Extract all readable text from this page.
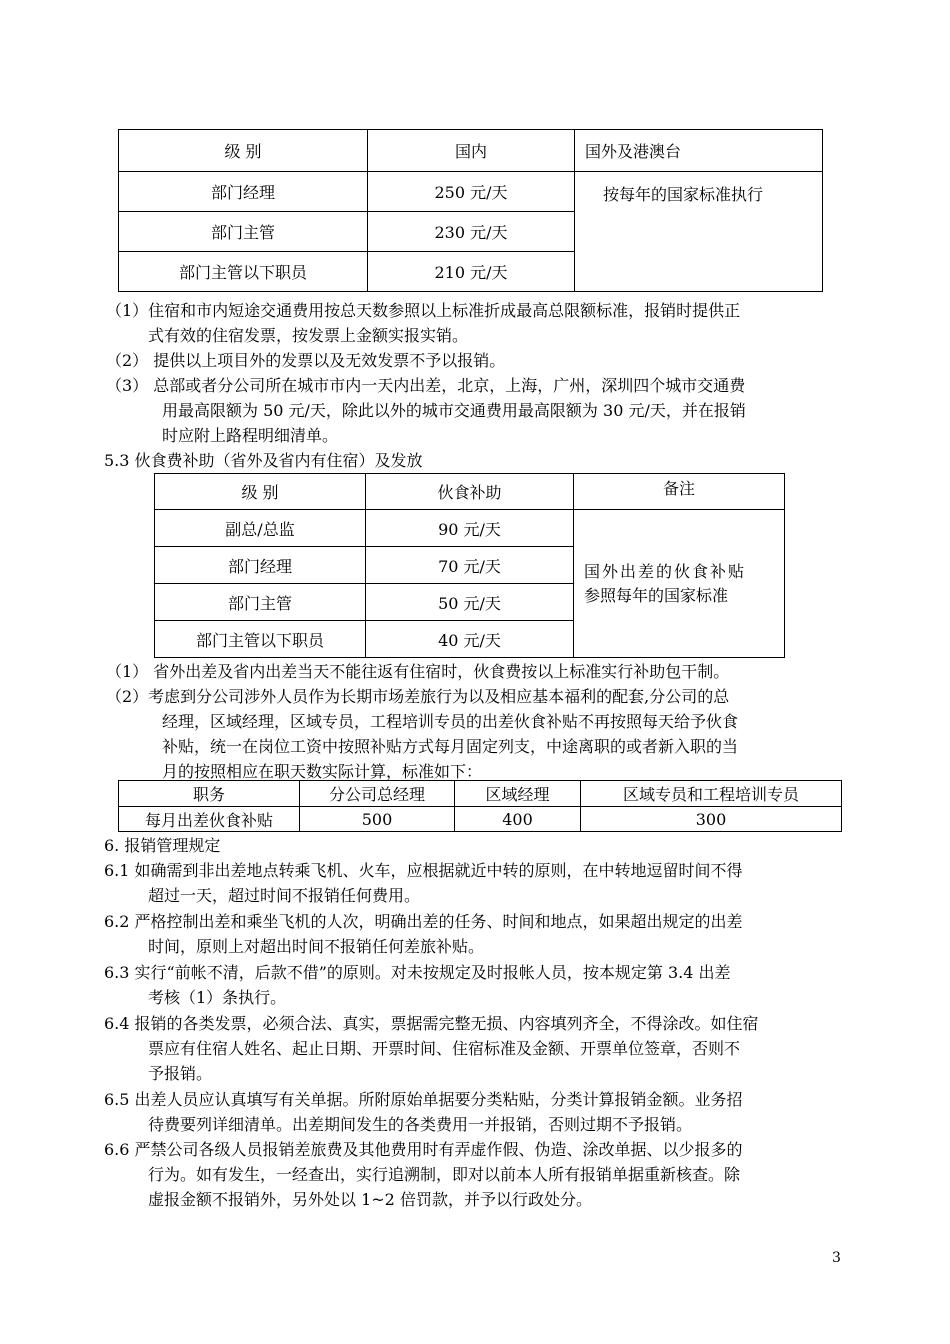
级 别	国内	国外及港澳台
部门经理	250 元/天	按每年的国家标准执行
部门主管	230 元/天	
部门主管以下职员	210 元/天	
（1）住宿和市内短途交通费用按总天数参照以上标准折成最高总限额标准，报销时提供正
式有效的住宿发票，按发票上金额实报实销。
（2） 提供以上项目外的发票以及无效发票不予以报销。
（3） 总部或者分公司所在城市市内一天内出差，北京，上海，广州，深圳四个城市交通费
用最高限额为 50 元/天，除此以外的城市交通费用最高限额为 30 元/天，并在报销
时应附上路程明细清单。
5.3 伙食费补助（省外及省内有住宿）及发放
级 别	伙食补助	备注
副总/总监	90 元/天	国外出差的伙食补贴
参照每年的国家标准

部门经理	70 元/天	
部门主管	50 元/天	
部门主管以下职员	40 元/天	
（1） 省外出差及省内出差当天不能往返有住宿时，伙食费按以上标准实行补助包干制。
（2）考虑到分公司涉外人员作为长期市场差旅行为以及相应基本福利的配套,分公司的总
经理，区域经理，区域专员，工程培训专员的出差伙食补贴不再按照每天给予伙食
补贴，统一在岗位工资中按照补贴方式每月固定列支，中途离职的或者新入职的当
月的按照相应在职天数实际计算，标准如下：
职务	分公司总经理	区域经理	区域专员和工程培训专员
每月出差伙食补贴	500	400	300
6. 报销管理规定
6.1 如确需到非出差地点转乘飞机、火车，应根据就近中转的原则，在中转地逗留时间不得
超过一天，超过时间不报销任何费用。
6.2 严格控制出差和乘坐飞机的人次，明确出差的任务、时间和地点，如果超出规定的出差
时间，原则上对超出时间不报销任何差旅补贴。
6.3 实行“前帐不清，后款不借”的原则。对未按规定及时报帐人员，按本规定第 3.4 出差
考核（1）条执行。
6.4 报销的各类发票，必须合法、真实，票据需完整无损、内容填列齐全，不得涂改。如住宿
票应有住宿人姓名、起止日期、开票时间、住宿标准及金额、开票单位签章，否则不
予报销。
6.5 出差人员应认真填写有关单据。所附原始单据要分类粘贴，分类计算报销金额。业务招
待费要列详细清单。出差期间发生的各类费用一并报销，否则过期不予报销。
6.6 严禁公司各级人员报销差旅费及其他费用时有弄虚作假、伪造、涂改单据、以少报多的
行为。如有发生，一经查出，实行追溯制，即对以前本人所有报销单据重新核查。除
虚报金额不报销外，另外处以 1~2 倍罚款，并予以行政处分。
3
